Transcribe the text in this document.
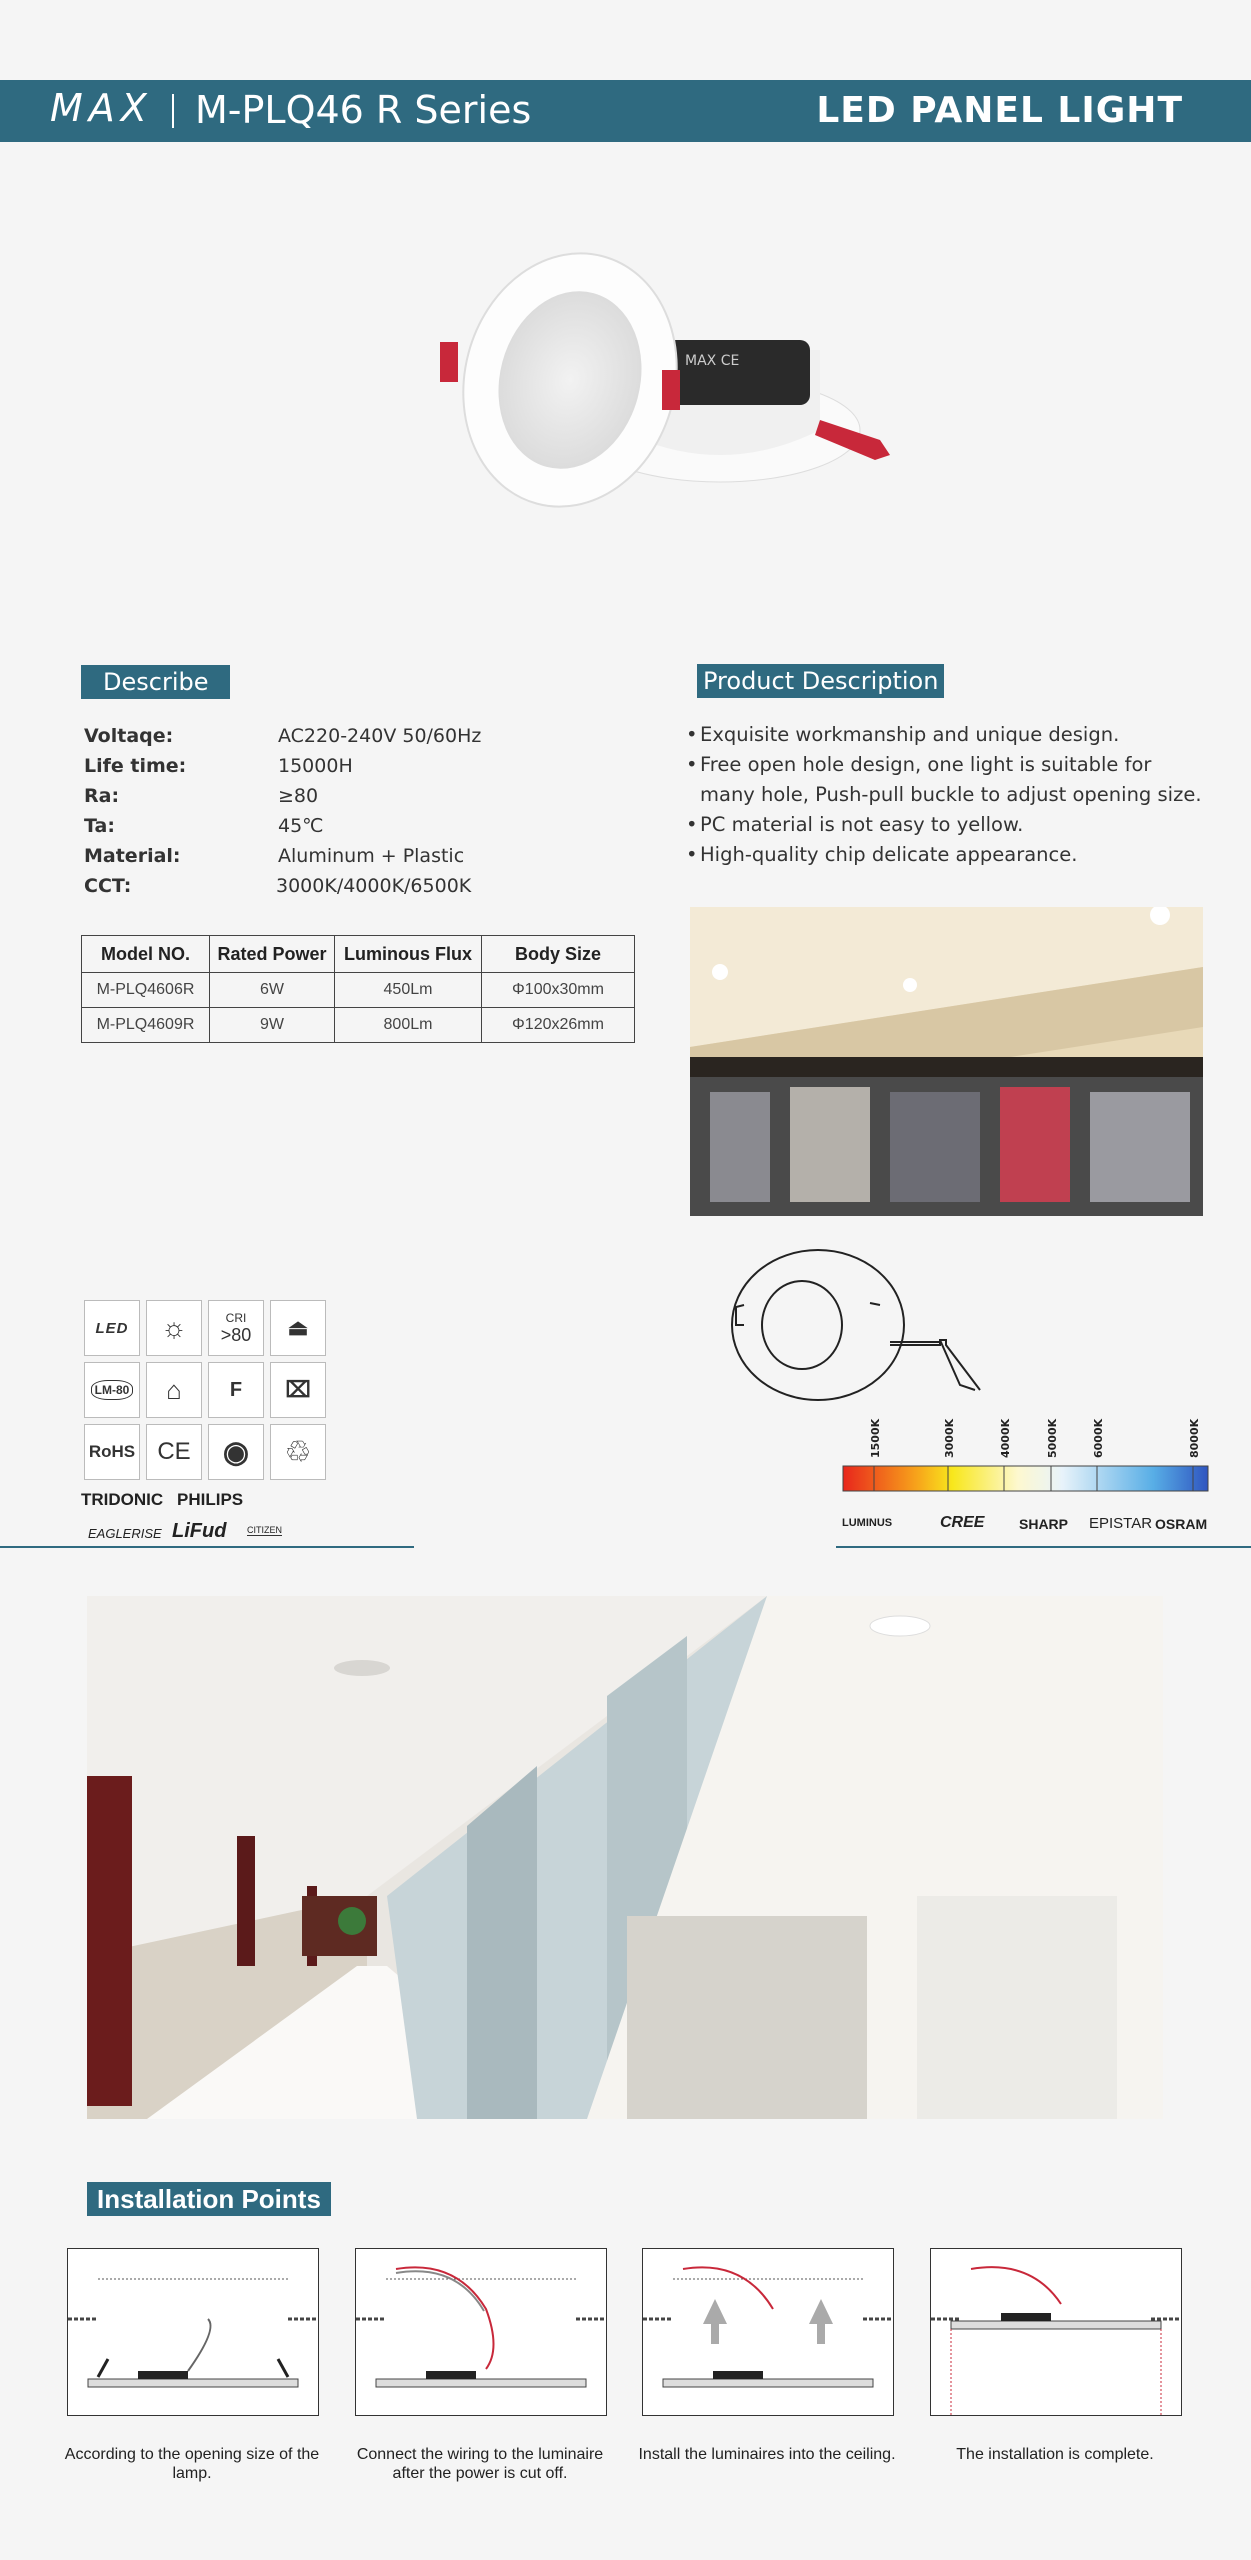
MAX M-PLQ46 R Series	LED PANEL LIGHT
MAX CE
Describe
Voltaqe:	AC220-240V 50/60Hz
Life time:	15000H
Ra:	≥80
Ta:	45℃
Material:	Aluminum + Plastic
CCT:	3000K/4000K/6500K
Product Description
• Exquisite workmanship and unique design.
• Free open hole design, one light is suitable for many hole, Push-pull buckle to adjust opening size.
• PC material is not easy to yellow.
• High-quality chip delicate appearance.
Model NO.	Rated Power	Luminous Flux	Body Size
M-PLQ4606R	6W	450Lm	Φ100x30mm
M-PLQ4609R	9W	800Lm	Φ120x26mm
LED	☼	CRI
>80	⏏
LM-80	⌂	F	⌧
RoHS CE	◉	♲
TRIDONIC PHILIPS
EAGLERISE LiFud CITIZEN
1500K	3000K	4000K	5000K	6000K	8000K
LUMINUS	CREE SHARP EPISTAR OSRAM
Installation Points
According to the opening size of the lamp.
Connect the wiring to the luminaire after the power is cut off.
Install the luminaires into the ceiling.	The installation is complete.
